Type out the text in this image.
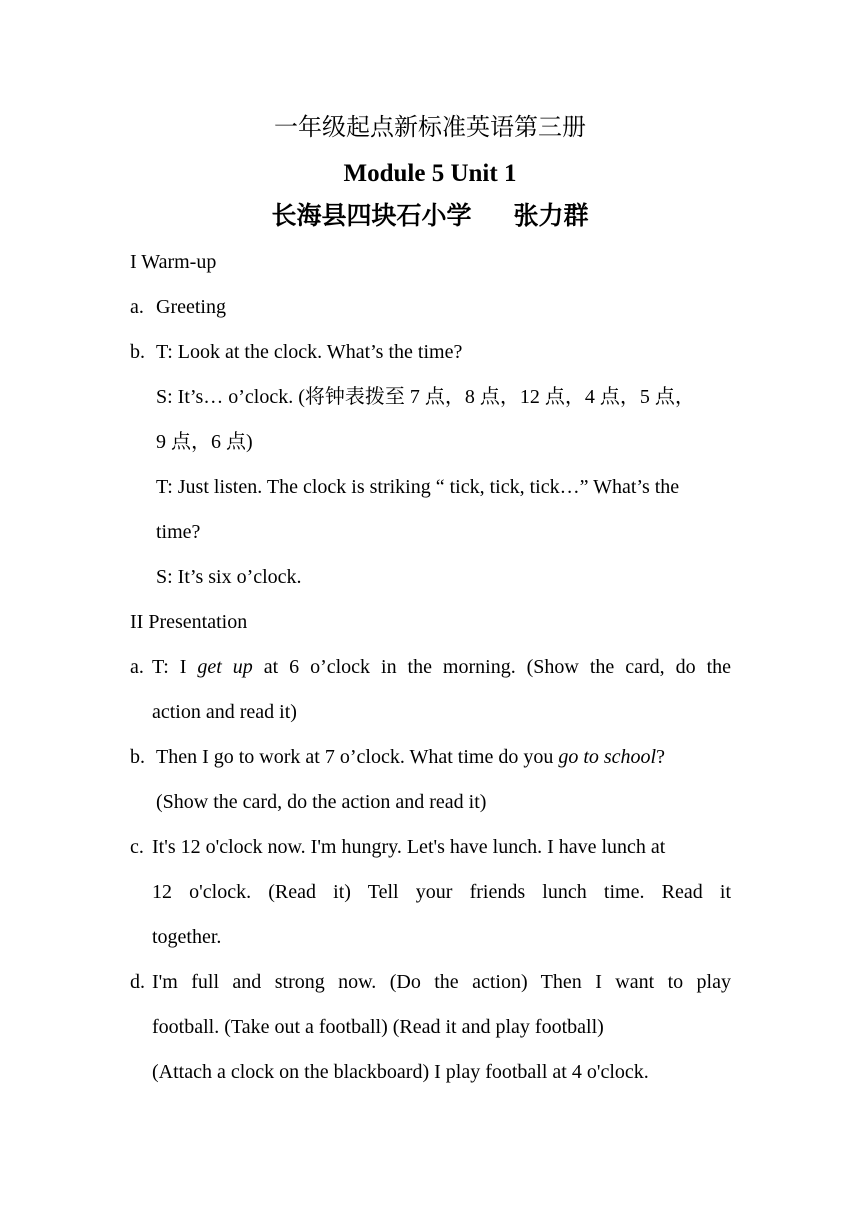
一年级起点新标准英语第三册
Module 5 Unit 1
长海县四块石小学 张力群
I Warm-up
a. Greeting
b. T: Look at the clock. What’s the time?
S: It’s… o’clock. (将钟表拨至 7 点，8 点，12 点，4 点，5 点，
9 点，6 点)
T: Just listen. The clock is striking “ tick, tick, tick…” What’s the
time?
S: It’s six o’clock.
II Presentation
a. T: I get up at 6 o’clock in the morning. (Show the card, do the
action and read it)
b. Then I go to work at 7 o’clock. What time do you go to school?
(Show the card, do the action and read it)
c. It's 12 o'clock now. I'm hungry. Let's have lunch. I have lunch at
12 o'clock. (Read it) Tell your friends lunch time. Read it
together.
d. I'm full and strong now. (Do the action) Then I want to play
football. (Take out a football) (Read it and play football)
(Attach a clock on the blackboard) I play football at 4 o'clock.
